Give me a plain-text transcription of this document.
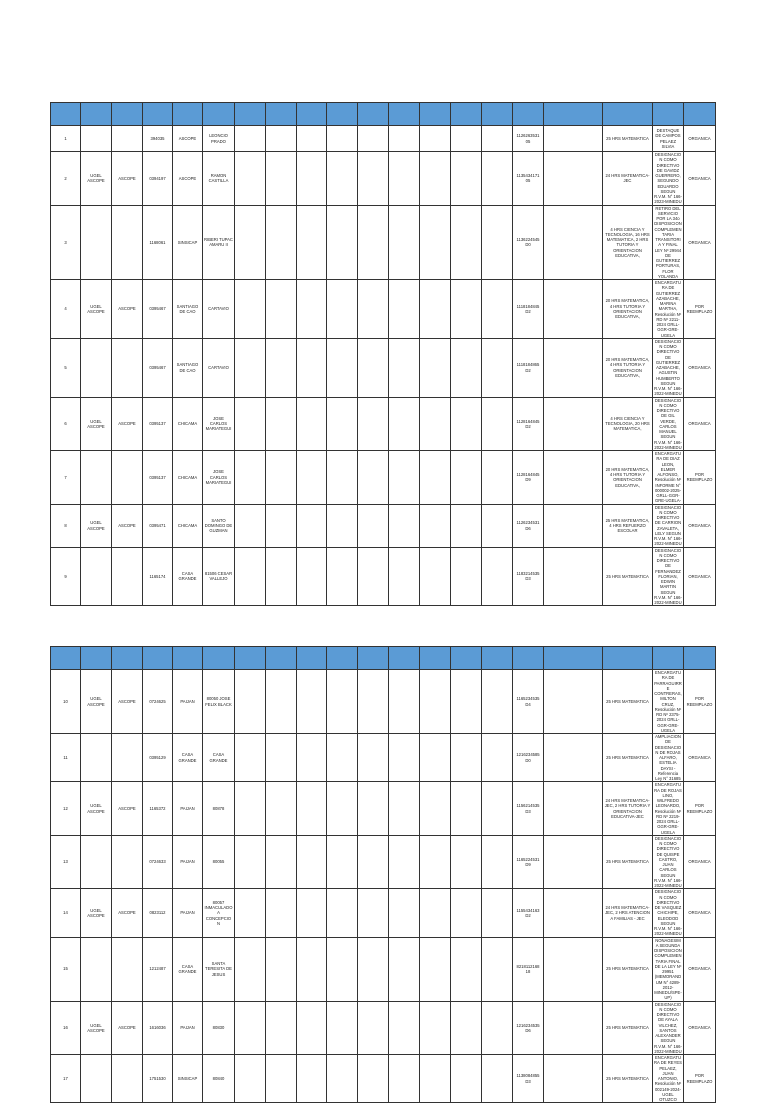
1			394035	ASCOPE	LEONCIO PRADO										1126263531 05		25 HRS MATEMATICA	DESTAQUE DE CAMPOS PELAEZ SILVIA	ORGANICA
2	UGEL ASCOPE	ASCOPE	0394197	ASCOPE	RAMON CASTILLA										1135434171 05		24 HRS MATEMATICA-JEC	DESIGNACION COMO DIRECTIVO DE GAVIDZ GUERRERO, SEGUNDO EDUARDO SEGUN R.V.M. N° 166-2023-MINEDU	ORGANICA
3			1168061	SINSICAP	RIBERI TUPAC AMARU II										1136224545 D0		4 HRS CIENCIA Y TECNOLOGIA, 16 HRS MATEMATICA, 2 HRS TUTORIA Y ORIENTACION EDUCATIVA,	RETIRO DEL SERVICIO POR LA 34o DISPOSICION COMPLEMENTARIA TRANSITORIA Y FINAL LEY Nº 29944 DE GUTIERREZ PORTURAS, FLOR YOLANDA	ORGANICA
4	UGEL ASCOPE	ASCOPE	0395467	SANTIAGO DE CAO	CARTAVIO										1118184845 D2		20 HRS MATEMATICA, 4 HRS TUTORIA Y ORIENTACION EDUCATIVA,	ENCARGATURA DE GUTIERREZ AZABACHE, MARINA MARTHA, Resolución Nº RD Nº 2211-2024 GRLL-GGR-GRE-UGELA	POR REEMPLAZO
5			0395467	SANTIAGO DE CAO	CARTAVIO										1118184865 D2		20 HRS MATEMATICA, 4 HRS TUTORIA Y ORIENTACION EDUCATIVA,	DESIGNACION COMO DIRECTIVO DE GUTIERREZ AZABACHE, AGUSTIN HUMBERTO SEGUN R.V.M. N° 166-2022-MINEDU	ORGANICA
6	UGEL ASCOPE	ASCOPE	0395137	CHICAMA	JOSE CARLOS MARIATEGUI										1128164845 D2		4 HRS CIENCIA Y TECNOLOGIA, 20 HRS MATEMATICA,	DESIGNACION COMO DIRECTIVO DE GIL VERDE, CARLOS MANUEL SEGUN R.V.M. N° 166-2022-MINEDU	ORGANICA
7			0395137	CHICAMA	JOSE CARLOS MARIATEGUI										1128164845 D9		20 HRS MATEMATICA, 4 HRS TUTORIA Y ORIENTACION EDUCATIVA,	ENCARGATURA DE DIAZ LEON, ELMER ALFONSO, Resolución Nº INFORME N° 000002-2025-GRLL-GGR-GRE-UGELA-	POR REEMPLAZO
8	UGEL ASCOPE	ASCOPE	0395471	CHICAMA	SANTO DOMINGO DE GUZMAN										1126234531 D6		25 HRS MATEMATICA, 4 HRS REFUERZO ESCOLAR	DESIGNACION COMO DIRECTIVO DE CARRION ZAVALETA, LELY SEGUN R.V.M. N° 166-2022-MINEDU	ORGANICA
9			1165174	CASA GRANDE	81506 CESAR VALLEJO										1183214535 D3		25 HRS MATEMATICA	DESIGNACION COMO DIRECTIVO DE FERNANDEZ FLORIAN, EDWIN MARTIN SEGUN R.V.M. N° 166-2022-MINEDU	ORGANICA

10	UGEL ASCOPE	ASCOPE	0724625	PAIJAN	80050 JOSE FELIX BLACK										1165234535 D4		25 HRS MATEMATICA	ENCARGATURA DE PARRAGUIRRE CONTRERAS, MILTON CRUZ, Resolución Nº RD Nº 2375-2024 GRLL-GGR-GRE-UGELA	POR REEMPLAZO
11			0395129	CASA GRANDE	CASA GRANDE										1216234585 D0		25 HRS MATEMATICA	AMPLIACION DE DESIGNACION DE ROJAS ALFARO, ESTELIA DAYSI - Referencia Ley N° 31685	ORGANICA
12	UGEL ASCOPE	ASCOPE	1165372	PAIJAN	80878										1156214535 D3		24 HRS MATEMATICA-JEC, 2 HRS TUTORIA Y ORIENTACION EDUCATIVA-JEC	ENCARGATURA DE ROJAS LINO, WILFREDO LEONARDO, Resolución Nº RD Nº 2219-2024 GRLL-GGR-GRE-UGELA	POR REEMPLAZO
13			0724633	PAIJAN	80055										1165224531 D9		25 HRS MATEMATICA	DESIGNACION COMO DIRECTIVO DE QUISPE CASTRO, JUAN CARLOS SEGUN R.V.M. N° 166-2022-MINEDU	ORGANICA
14	UGEL ASCOPE	ASCOPE	0823112	PAIJAN	80057 INMACULADO A CONCEPCIO N										1155434163 D2		24 HRS MATEMATICA-JEC, 2 HRS ATENCION A FAMILIAS - JEC	DESIGNACION COMO DIRECTIVO DE VASQUEZ CHICHIPE, ELEODOD SEGUN R.V.M. N° 166-2022-MINEDU	ORGANICA
15			1212487	CASA GRANDE	SANTA TERESITA DE JESUS										8218112168 18		25 HRS MATEMATICA	NONAGESIMA SEGUNDA DISPOSICION COMPLEMENTARIA FINAL DE LA LEY Nº 29951 (MEMORANDUM N° 4289-2012-MINEDU/SPE-UP)	ORGANICA
16	UGEL ASCOPE	ASCOPE	1616036	PAIJAN	80830										1216234535 D6		25 HRS MATEMATICA	DESIGNACION COMO DIRECTIVO DE AYALA VILCHEZ, SANTOS ALEXANDER SEGUN R.V.M. N° 166-2022-MINEDU	ORGANICA
17			1751530	SINSICAP	80840										1138084855 D3		25 HRS MATEMATICA	ENCARGATURA DE REYES PELAEZ, JUAN ANTONIO, Resolución Nº 002149-2024- UGEL OTUZCO	POR REEMPLAZO
